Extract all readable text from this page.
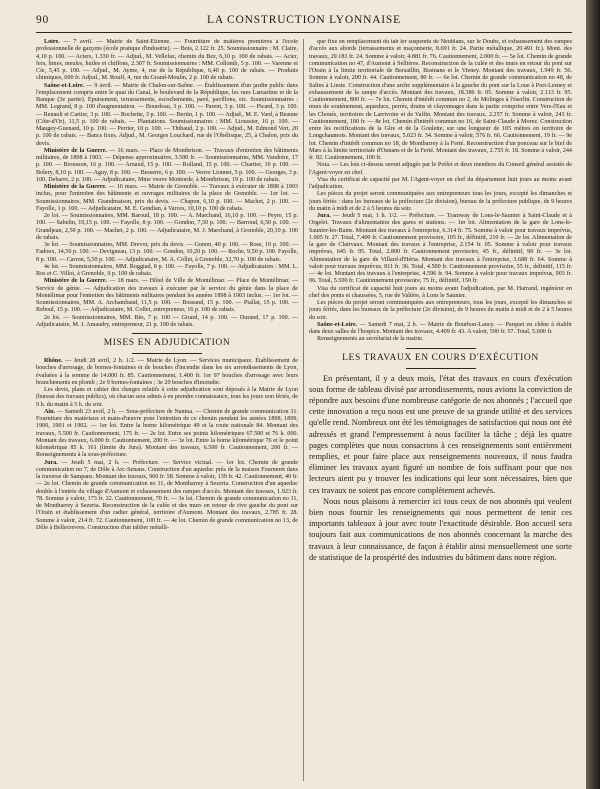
90	LA CONSTRUCTION LYONNAISE

Loire. — 7 avril. — Mairie de Saint-Étienne. — Fourniture de matières premières à l'école professionnelle de garçons (école pratique d'industrie). — Bois, 2.122 fr. 25. Soumissionnaire : M. Claire, 4,10 p. 100. — Aciers, 1.330 fr. — Adjud., M. Vellefaz, chemin du Bez, 6,10 p. 100 de rabais. — Acier, fers, limes, meules, huiles et chiffons, 2.307 fr. Soumissionnaires : MM. Collomb, 5 p. 100. — Varenne et Cie, 5,45 p. 100. — Adjud., M. Ayme, 4, rue de la République, 6,40 p. 100 de rabais. — Produits chimiques, 600 fr. Adjud., M. Rouff, 4, rue du Grand-Moulin, 2 p. 100 de rabais.

Saône-et-Loire. — 9 avril. — Mairie de Chalon-sur-Saône. — Établissement d'un jardin public dans l'emplacement compris entre le quai du Canal, le boulevard de la République, les rues Lamartine et de la Banque (3e partie). Épuisement, terrassements, escochements, pavé, pavillons, etc. Soumissionnaires : MM. Legrand, 8 p. 100 d'augmentation. — Bourdeau, 3 p. 100. — Parent, 3 p. 100. — Picard, 3 p. 100. — Renault et Cartier, 3 p. 100. — Rochette, 3 p. 100. — Bertin, 1 p. 100. — Adjud., M. E. Vard, à Beaune (Côte-d'Or), 11,5 p. 100 de rabais. — Plantations. Soumissionnaires : MM. Lioussier, 16 p. 100. — Maugey-Guenard, 10 p. 100. — Perrier, 10 p. 100. — Thibaud, 2 p. 100. — Adjud., M. Edmond Vert, 20 p. 100 de rabais. — Bancs fixes. Adjud., M. Georges Louchard, rue de l'Obélisque, 25, à Chalon, prix du devis.

Ministère de la Guerre. — 16 mars. — Place de Montbrison. — Travaux d'entretien des bâtiments militaires, de 1898 à 1903. — Dépense approximative, 3.500 fr. — Soumissionnaires, MM. Vandoire, 17 p. 100. — Brousson, 16 p. 100. — Arnaud, 15 p. 100. — Rolland, 15 p. 100. — Chartier, 10 p. 100. — Bolery, 8,10 p. 100. — Aguy, 8 p. 100. — Besserre, 6 p. 100. — Veuve Lionnet, 5 p. 100. — Georges, 3 p. 100. Debarre, 2 p. 100. — Adjudicataire, Mme veuve Montorde, à Montbrison, 19 p. 100 de rabais.

Ministère de la Guerre. — 16 mars. — Mairie de Grenoble. — Travaux à exécuter de 1898 à 1903 inclus, pour l'entretien des bâtiments et ouvrages militaires de la place de Grenoble. — 1er lot. — Soumissionnaires, MM. Grandmaison, prix du devis. — Chapon, 6,10 p. 100. — Machet, 2 p. 100. — Fayolle, 1 p. 100. — Adjudicataire, M. E. Gondian, à Varces, 10,10 p. 100 de rabais.

2e lot. — Soumissionnaires, MM. Baroud, 18 p. 100. — A. Marchand, 16,10 p. 100. — Peyre, 15 p. 100. — Sabelin, 10,15 p. 100. — Fayolle, 8 p. 100. — Gondon, 7,50 p. 100. — Barroud, 6,50 p. 100. — Grandjean, 2,50 p. 100. — Machet, 2 p. 100. — Adjudicataire, M. J. Marchand, à Grenoble, 20,10 p. 100 de rabais.

3e lot. — Soumissionnaires, MM. Drevot, prix du devis. — Gonon, 40 p. 100. — Rose, 10 p. 100. — Fadoux, 14,50 p. 100. — Devigneau, 13 p. 100. — Gondon, 10,20 p. 100. — Roche, 9,50 p. 100. Fayolle, 8 p. 100. — Carron, 5,50 p. 100. — Adjudicataire, M. A. Collet, à Grenoble, 32,70 p. 100 de rabais.

4e lot. — Soumissionnaires, MM. Roggiad, 8 p. 100. — Fayolle, 7 p. 100. — Adjudicataires : MM. L. Ros et C. Villot, à Grenoble, 9 p. 100 de rabais.

Ministère de la Guerre. — 18 mars. — Hôtel de Ville de Montélimar. — Place de Montélimar. — Service de génie. — Adjudication des travaux à exécuter par le service du génie dans la place de Montélimar pour l'entretien des bâtiments militaires pendant les années 1898 à 1903 inclus. — 1er lot. — Soumissionnaires, MM. A. Archambaud, 11,5 p. 100. — Bossand, 15 p. 100. — Piallat, 15 p. 100. — Reboul, 15 p. 100. — Adjudicataire, M. Collet, entrepreneur, 16 p. 100 de rabais.

2e lot. — Soumissionnaires, MM. Bès, 7 p. 100 — Girard, 14 p. 100. — Durand, 17 p. 100. — Adjudicataire, M. J. Amaudry, entrepreneur, 21 p. 100 de rabais.

MISES EN ADJUDICATION

Rhône. — Jeudi 28 avril, 2 h. 1/2. — Mairie de Lyon. — Services municipaux. Établissement de bouches d'arrosage, de bornes-fontaines et de bouches d'incendie dans les six arrondissements de Lyon, évaluées à la somme de 14.000 fr. 85. Cautionnement, 1.400 fr. 1er 97 bouches d'arrosage avec leurs branchements en plomb ; 2e 9 bornes-fontaines ; 3e 20 bouches d'incendie.

Les devis, plans et cahier des charges relatifs à cette adjudication sont déposés à la Mairie de Lyon (bureau des travaux publics), où chacun sera admis à en prendre connaissance, tous les jours non fériés, de 9 h. du matin à 5 h. du soir.

Ain. — Samedi 23 avril, 2 h. — Sous-préfecture de Nantua. — Chemin de grande communication 31. Fourniture des matériaux et main-d'œuvre pour l'entretien de ce chemin pendant les années 1898, 1899, 1900, 1901 et 1902. — 1er lot. Entre la borne kilométrique 49 et la route nationale 84. Montant des travaux, 5.500 fr. Cautionnement, 175 fr. — 2e lot. Entre ses points kilométriques 67.500 et 76 k. 000. Montant des travaux, 6.000 fr. Cautionnement, 200 fr. — 3e lot. Entre la borne kilométrique 76 et le point kilométrique 85 k. 161 (limite du Jura). Montant des travaux, 6.500 fr. Cautionnement, 200 fr. — Renseignements à la sous-préfecture.

Jura. — Jeudi 5 mai, 2 h. — Préfecture. — Service vicinal. — 1er lot. Chemin de grande communication no 7, de Dôle à Arc-Senans. Construction d'un aqueduc près de la maison Fourneret dans la traverse de Sampans. Montant des travaux, 960 fr. 58. Somme à valoir, 139 fr. 42. Cautionnement, 40 fr. — 2e lot. Chemin de grande communication no 11, de Montbarrey à Sezeria. Construction d'un aqueduc double à l'entrée du village d'Aumont et exhaussement des rampes d'accès. Montant des travaux, 1.923 fr. 78. Somme à valoir, 173 fr. 22. Cautionnement, 70 fr. — 3e lot. Chemin de grande communication no 11, de Montbarrey à Sezeria. Reconstruction de la culée et des murs en retour de rive gauche du pont sur l'Orain et établissement d'un radier général, territoire d'Aumont. Montant des travaux, 2.785 fr. 28. Somme à valoir, 214 fr. 72. Cautionnement, 100 fr. — 4e lot. Chemin de grande communication no 13, de Dôle à Bellecrevres. Construction d'un tablier métalli-

que fixe en remplacement du tab ier suspendu de Neublans, sur le Doubs, et exhaussement des rampes d'accès aux abords (terrassements et maçonnerie, 8.691 fr. 24. Partie métallique, 20.491 fr.). Mont. des travaux, 29.183 fr. 24. Somme à valoir, 4.881 fr. 76. Cautionnement, 2.000 fr. — 5e lot. Chemin de grande communication no 47, d'Aumont à Sellières. Reconstruction de la culée et des murs en retour du pont sur l'Orain à la limite territoriale de Bersaillin, Brainans et le Vieney. Montant des travaux, 1.949 fr. 56. Somme à valoir, 200 fr. 44. Cautionnement, 80 fr. — 6e lot. Chemin de grande communication no 48, de Salins à Lieste. Construction d'une arche supplémentaire à la gauche du pont sur la Loue à Port-Lesney et exhaussement de la rampe d'accès. Montant des travaux, 18.386 fr. 05. Somme à valoir, 2.113 fr. 95. Cautionnement, 800 fr. — 7e lot. Chemin d'intérêt commun no 2, de Molinges à l'éserlin. Construction de murs de soutènement, aqueducs, perrés, drains et clayonnages dans la partie comprise entre Vers-l'Eau et les Choués, territoires de Larrivoire et de Valfin. Montant des travaux, 2.257 fr. Somme à valoir, 243 fr. Cautionnement, 100 fr. — 8e lot. Chemin d'intérêt commun no 16, de Saint-Claude à Morez. Construction entre les rectifications de la Gîre et de la Goulette, sur une longueur de 105 mètres en territoire de Longchaumois. Montant des travaux, 5.023 fr. 34. Somme à valoir, 576 fr. 66. Cautionnement, 19 fr. — 9e lot. Chemin d'intérêt commun no 18, de Montbarrey à la Ferté. Reconstruction d'un ponceau sur le bief de Mars à la limite territoriale d'Ounans et de la Ferté. Montant des travaux, 2.755 fr. 18. Somme à valoir, 244 fr. 82. Cautionnement, 100 fr.

Nota. — Les lots ci-dessus seront adjugés par le Préfet et deux membres du Conseil général assistés de l'Agent-voyer en chef.

Visa du certificat de capacité par M. l'Agent-voyer en chef du département huit jours au moins avant l'adjudication.

Les pièces du projet seront communiquées aux entrepreneurs tous les jours, excepté les dimanches et jours fériés : dans les bureaux de la préfecture (2e division), bureau de la préfecture publique, de 9 heures du matin à midi et de 2 à 5 heures du soir.

Jura. — Jeudi 5 mai, 1 h. 1/2. — Préfecture. — Tramway de Lons-le-Saunier à Saint-Claude et à Orgelet. Travaux d'alimentation des gares et stations. — 1er lot. Alimentation de la gare de Lons-le-Saunier-les-Bains. Montant des travaux à l'entreprise, 6.314 fr. 75. Somme à valoir pour travaux imprévus, 1.005 fr. 27. Total, 7.400 fr. Cautionnement provisoire, 105 fr., définitif, 210 fr. — 2e lot. Alimentation de la gare de Clairvaux. Montant des travaux à l'entreprise, 2.154 fr. 05. Somme à valoir pour travaux imprévus, 645 fr. 95. Total, 2.800 fr. Cautionnement provisoire, 45 fr., définitif, 90 fr. — 3e lot. Alimentation de la gare de Villard-d'Héria. Montant des travaux à l'entreprise, 3.688 fr. 64. Somme à valoir pour travaux imprévus, 811 fr. 36. Total, 4.500 fr. Cautionnement provisoire, 55 fr., définitif, 115 fr. — 4e lot. Montant des travaux à l'entreprise, 4.596 fr. 94. Somme à valoir pour travaux imprévus, 903 fr. 06. Total, 5.500 fr. Cautionnement provisoire, 75 fr., définitif, 150 fr.

Visa du certificat de capacité huit jours au moins avant l'adjudication, par M. Harrand, ingénieur en chef des ponts et chaussées, 5, rue de Valière, à Lons le Saunier.

Les pièces du projet seront communiquées aux entrepreneurs, tous les jours, excepté les dimanches et jours fériés, dans les bureaux de la préfecture (2e division), de 9 heures du matin à midi et de 2 à 5 heures du soir.

Saône-et-Loire. — Samedi 7 mai, 2 h. — Mairie de Bourbon-Lancy. — Parquet en chêne à établir dans deux salles de l'hospice. Montant des travaux, 4.409 fr. 43. A valoir, 590 fr. 57. Total, 5.000 fr.

Renseignements au secrétariat de la mairie.

LES TRAVAUX EN COURS D'EXÉCUTION

En présentant, il y a deux mois, l'état des travaux en cours d'exécution sous forme de tableau divisé par arrondissements, nous avions la conviction de répondre aux besoins d'une nombreuse catégorie de nos abonnés ; l'accueil que cette innovation a reçu nous est une preuve de sa grande utilité et des services qu'elle rend. Nombreux ont été les témoignages de satisfaction qui nous ont été adressés et grand l'empressement à nous faciliter la tâche ; déjà les quatre pages complètes que nous consacrons à ces renseignements sont entièrement remplies, et pour faire place aux renseignements nouveaux, il nous faudra éliminer les travaux ayant figuré un nombre de fois suffisant pour que nos lecteurs aient pu y trouver les indications qui leur sont nécessaires, bien que ces travaux ne soient pas encore complètement achevés.

Nous nous plaisons à remercier ici tous ceux de nos abonnés qui veulent bien nous fournir les renseignements qui nous permettent de tenir ces importants tableaux à jour avec toute l'exactitude désirable. Bon accueil sera toujours fait aux communications de nos abonnés concernant la marche des travaux à leur connaissance, de façon à établir ainsi mensuellement une sorte de statistique de la prospérité des industries du bâtiment dans notre région.
